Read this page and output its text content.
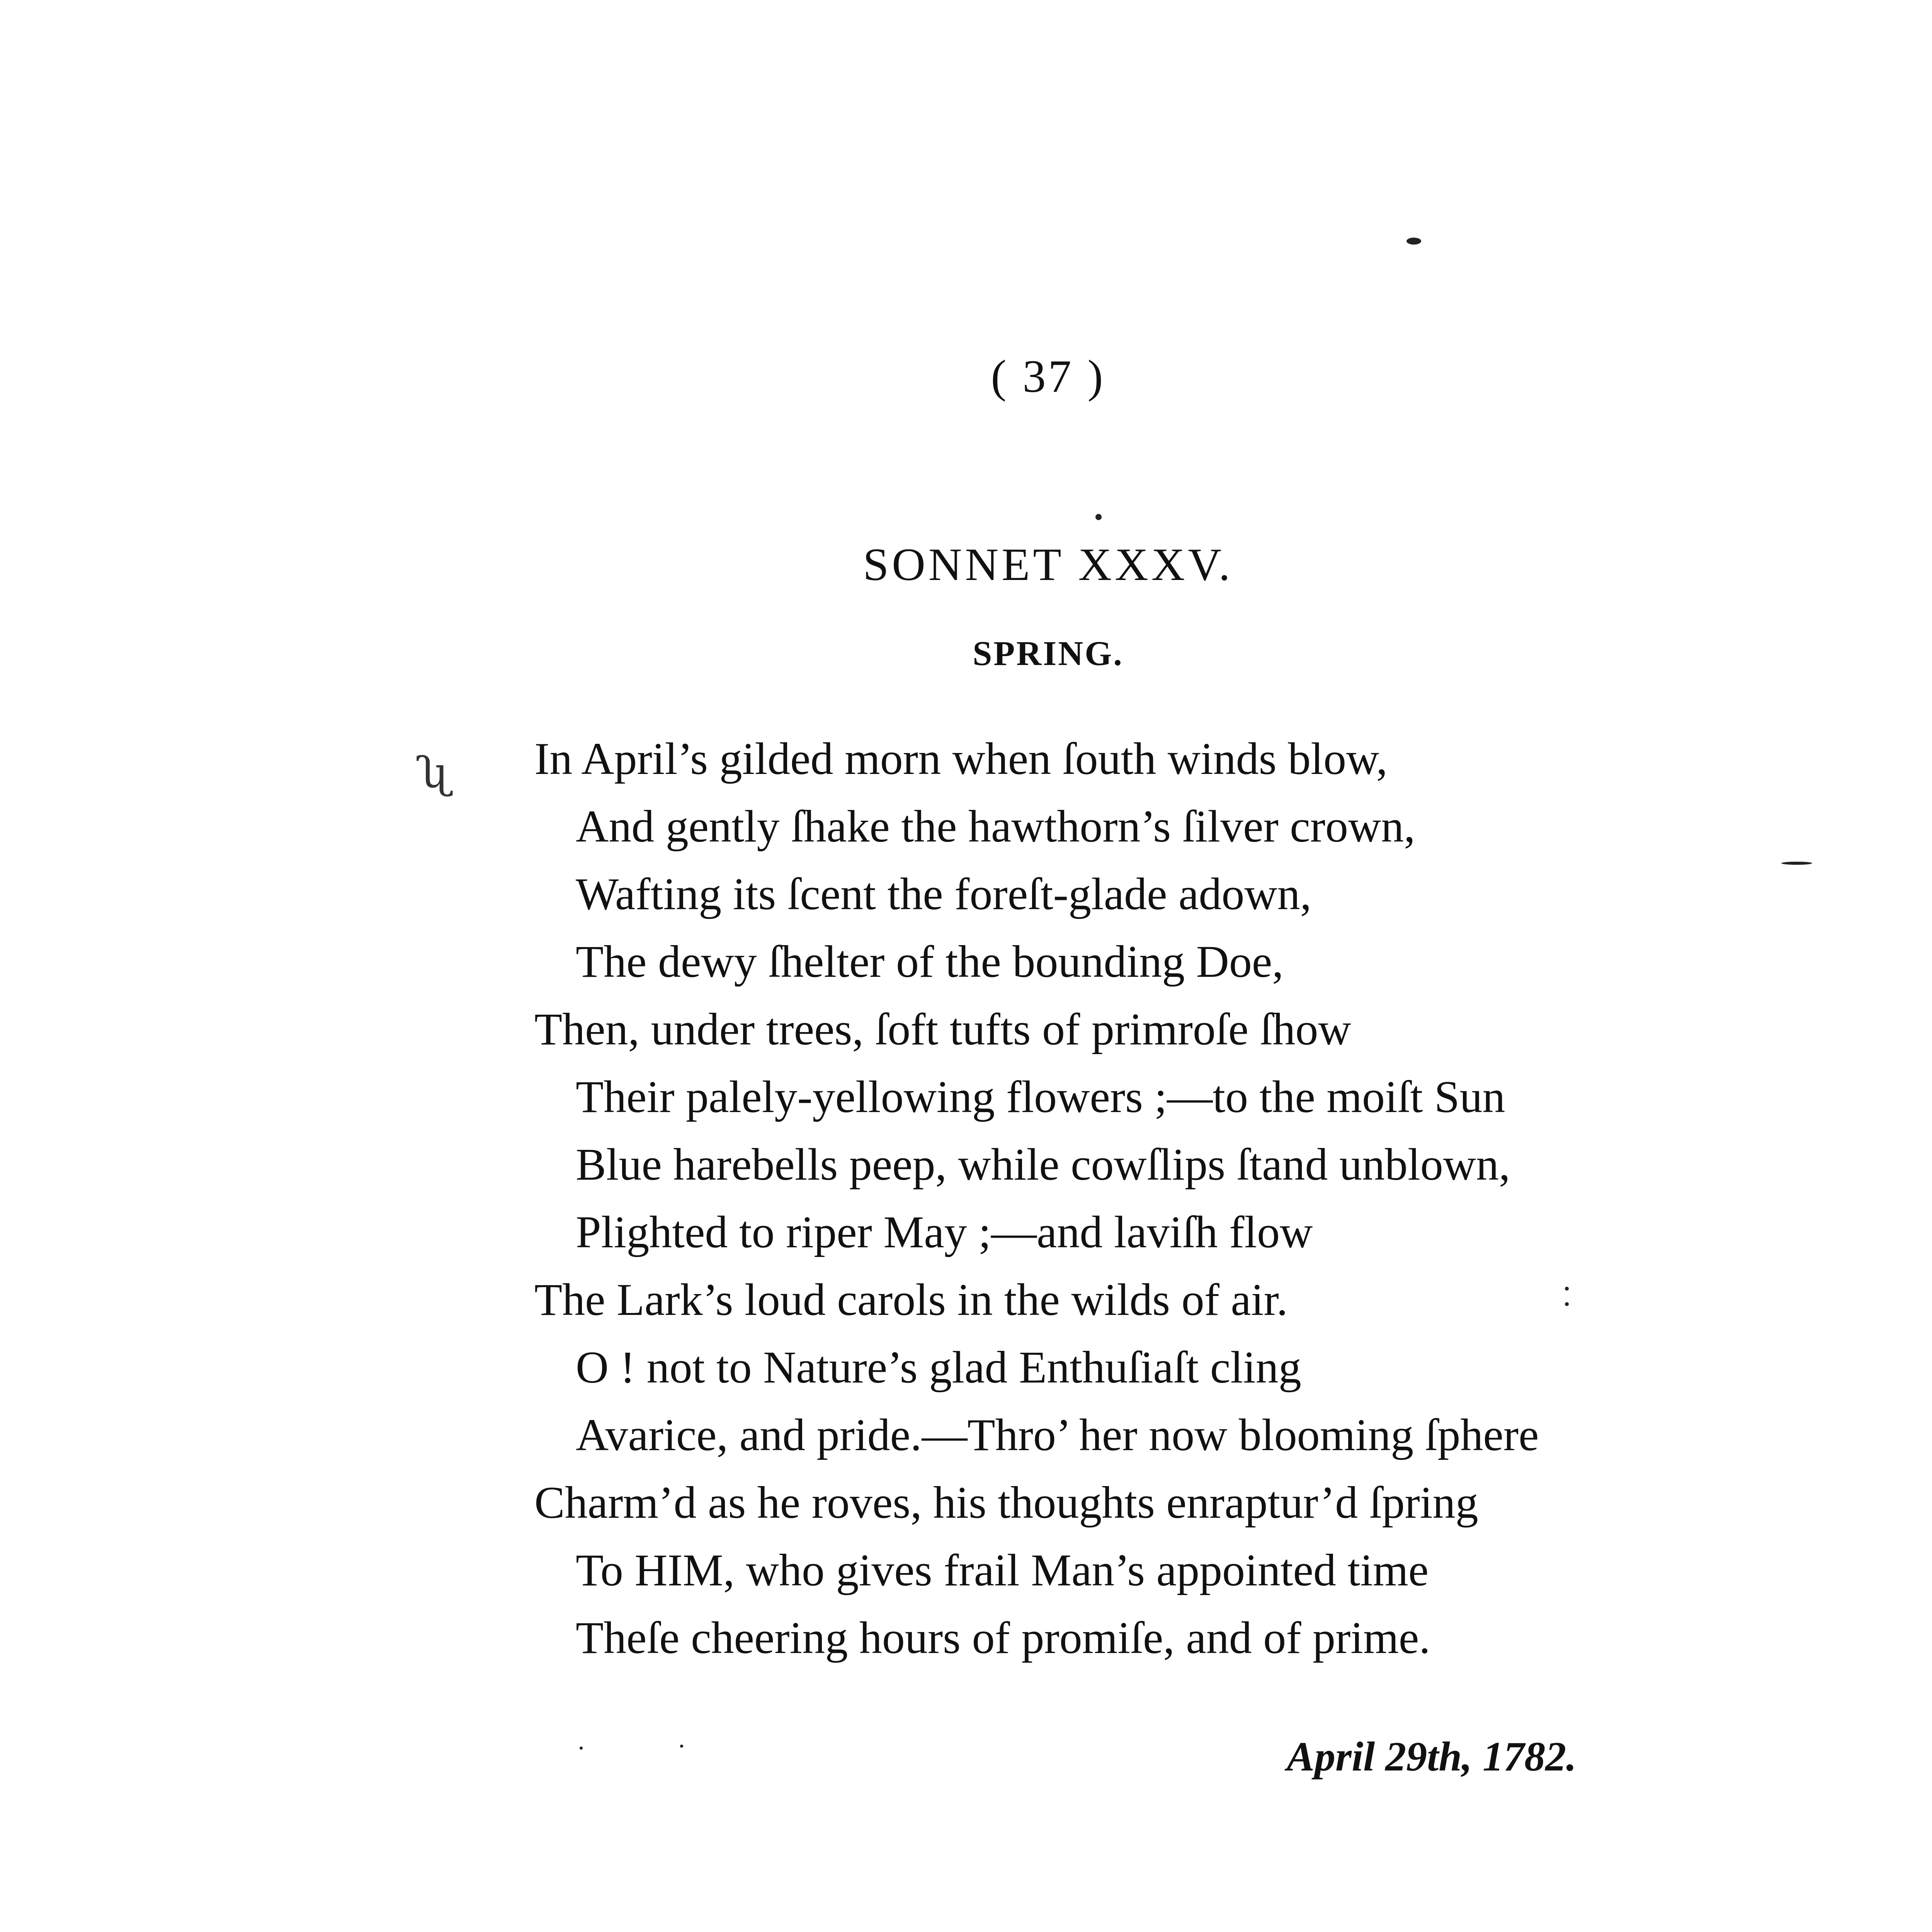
( 37 )
SONNET XXXV.
SPRING.
ʯ In April’s gilded morn when ſouth winds blow,
And gently ſhake the hawthorn’s ſilver crown,
Wafting its ſcent the foreſt-glade adown,
The dewy ſhelter of the bounding Doe,
Then, under trees, ſoft tufts of primroſe ſhow
Their palely-yellowing flowers ;—to the moiſt Sun
Blue harebells peep, while cowſlips ſtand unblown,
Plighted to riper May ;—and laviſh flow
The Lark’s loud carols in the wilds of air.
O ! not to Nature’s glad Enthuſiaſt cling
Avarice, and pride.—Thro’ her now blooming ſphere
Charm’d as he roves, his thoughts enraptur’d ſpring
To HIM, who gives frail Man’s appointed time
Theſe cheering hours of promiſe, and of prime.
April 29th, 1782.
